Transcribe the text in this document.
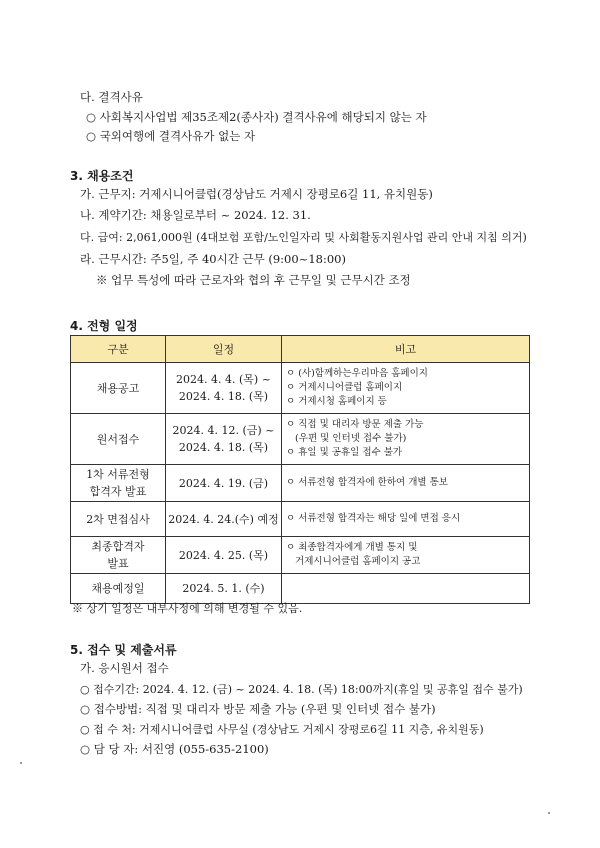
다. 결격사유
○ 사회복지사업법 제35조제2(종사자) 결격사유에 해당되지 않는 자
○ 국외여행에 결격사유가 없는 자
3. 채용조건
가. 근무지: 거제시니어클럽(경상남도 거제시 장평로6길 11, 유치원동)
나. 계약기간: 채용일로부터 ~ 2024. 12. 31.
다. 급여: 2,061,000원 (4대보험 포함/노인일자리 및 사회활동지원사업 관리 안내 지침 의거)
라. 근무시간: 주5일, 주 40시간 근무 (9:00~18:00)
※ 업무 특성에 따라 근로자와 협의 후 근무일 및 근무시간 조정
4. 전형 일정
구분	일정	비고
채용공고	2024. 4. 4. (목) ~
2024. 4. 18. (목)	ㅇ (사)함께하는우리마음 홈페이지
ㅇ 거제시니어클럽 홈페이지
ㅇ 거제시청 홈페이지 등
원서접수	2024. 4. 12. (금) ~
2024. 4. 18. (목)	ㅇ 직접 및 대리자 방문 제출 가능
(우편 및 인터넷 접수 불가)
ㅇ 휴일 및 공휴일 접수 불가
1차 서류전형
합격자 발표	2024. 4. 19. (금)	ㅇ 서류전형 합격자에 한하여 개별 통보
2차 면접심사	2024. 4. 24.(수) 예정	ㅇ 서류전형 합격자는 해당 일에 면접 응시
최종합격자
발표	2024. 4. 25. (목)	ㅇ 최종합격자에게 개별 통지 및
거제시니어클럽 홈페이지 공고
채용예정일	2024. 5. 1. (수)	
※ 상기 일정은 내부사정에 의해 변경될 수 있음.
5. 접수 및 제출서류
가. 응시원서 접수
○ 접수기간: 2024. 4. 12. (금) ~ 2024. 4. 18. (목) 18:00까지(휴일 및 공휴일 접수 불가)
○ 접수방법: 직접 및 대리자 방문 제출 가능 (우편 및 인터넷 접수 불가)
○ 접 수 처: 거제시니어클럽 사무실 (경상남도 거제시 장평로6길 11 지층, 유치원동)
○ 담 당 자: 서진영 (055-635-2100)
